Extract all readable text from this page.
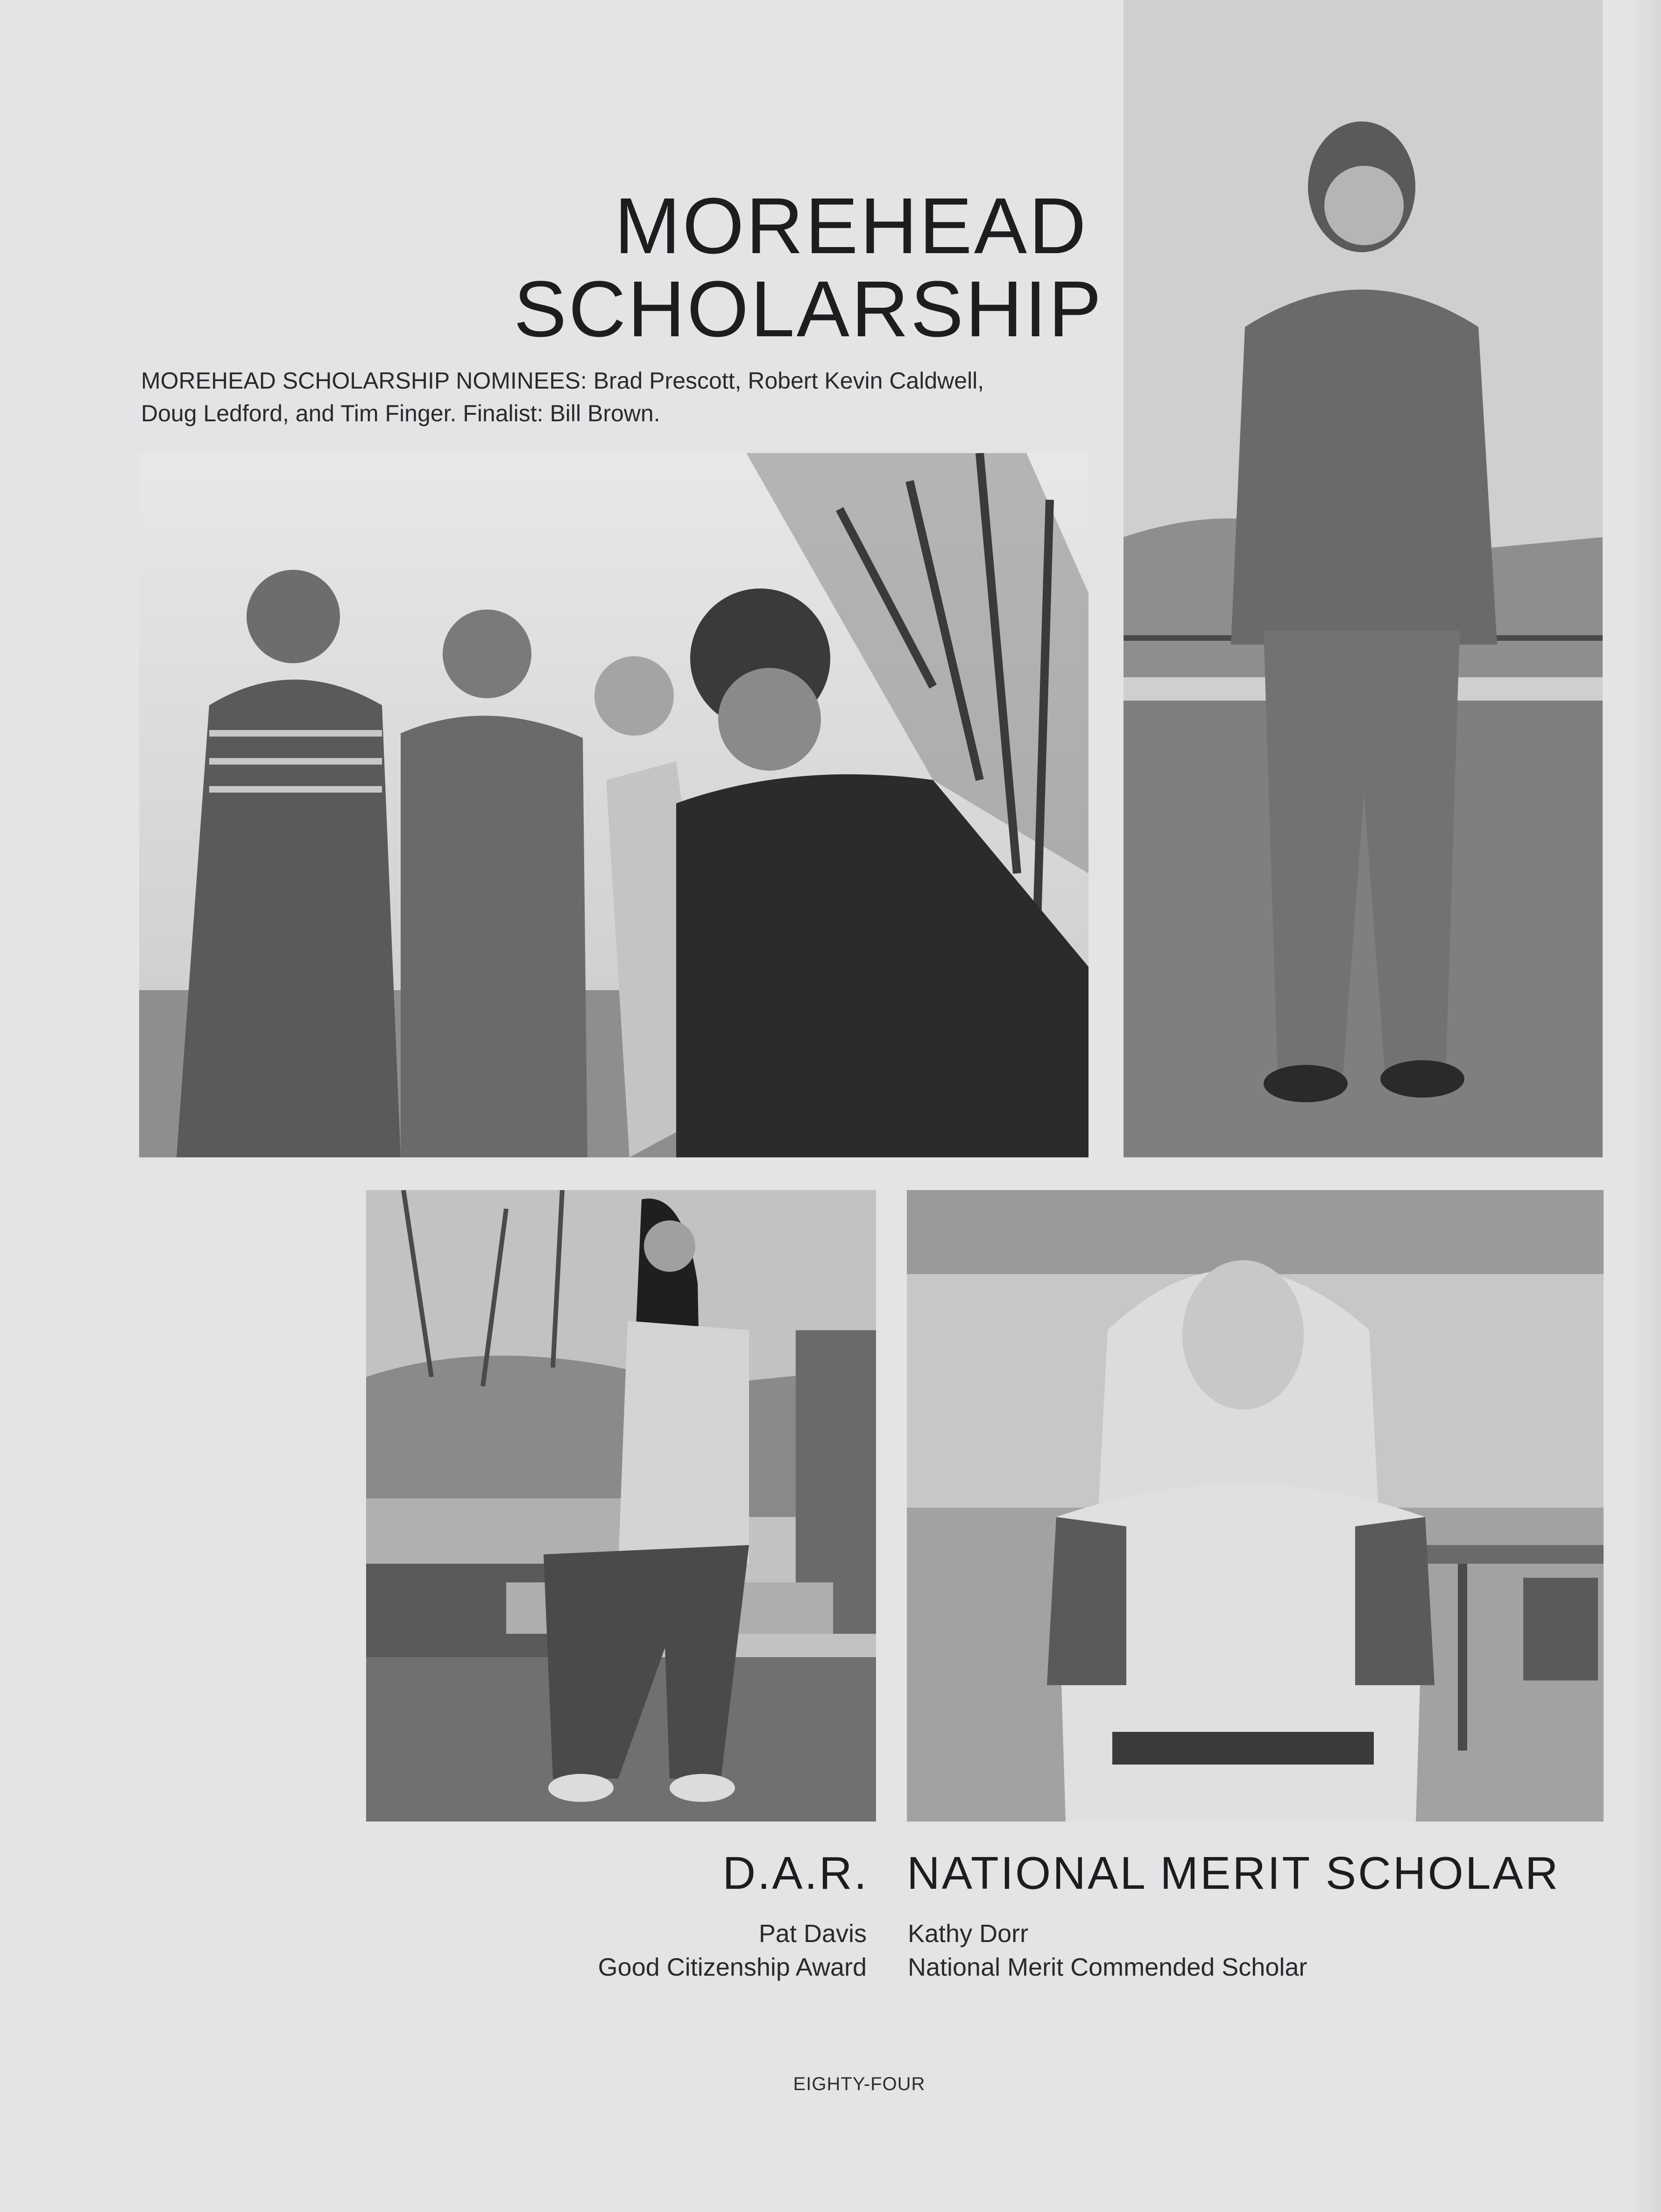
MOREHEAD
SCHOLARSHIP
MOREHEAD SCHOLARSHIP NOMINEES: Brad Prescott, Robert Kevin Caldwell,
Doug Ledford, and Tim Finger. Finalist: Bill Brown.
D.A.R. NATIONAL MERIT SCHOLAR
Pat Davis
Good Citizenship Award
Kathy Dorr
National Merit Commended Scholar
EIGHTY-FOUR
